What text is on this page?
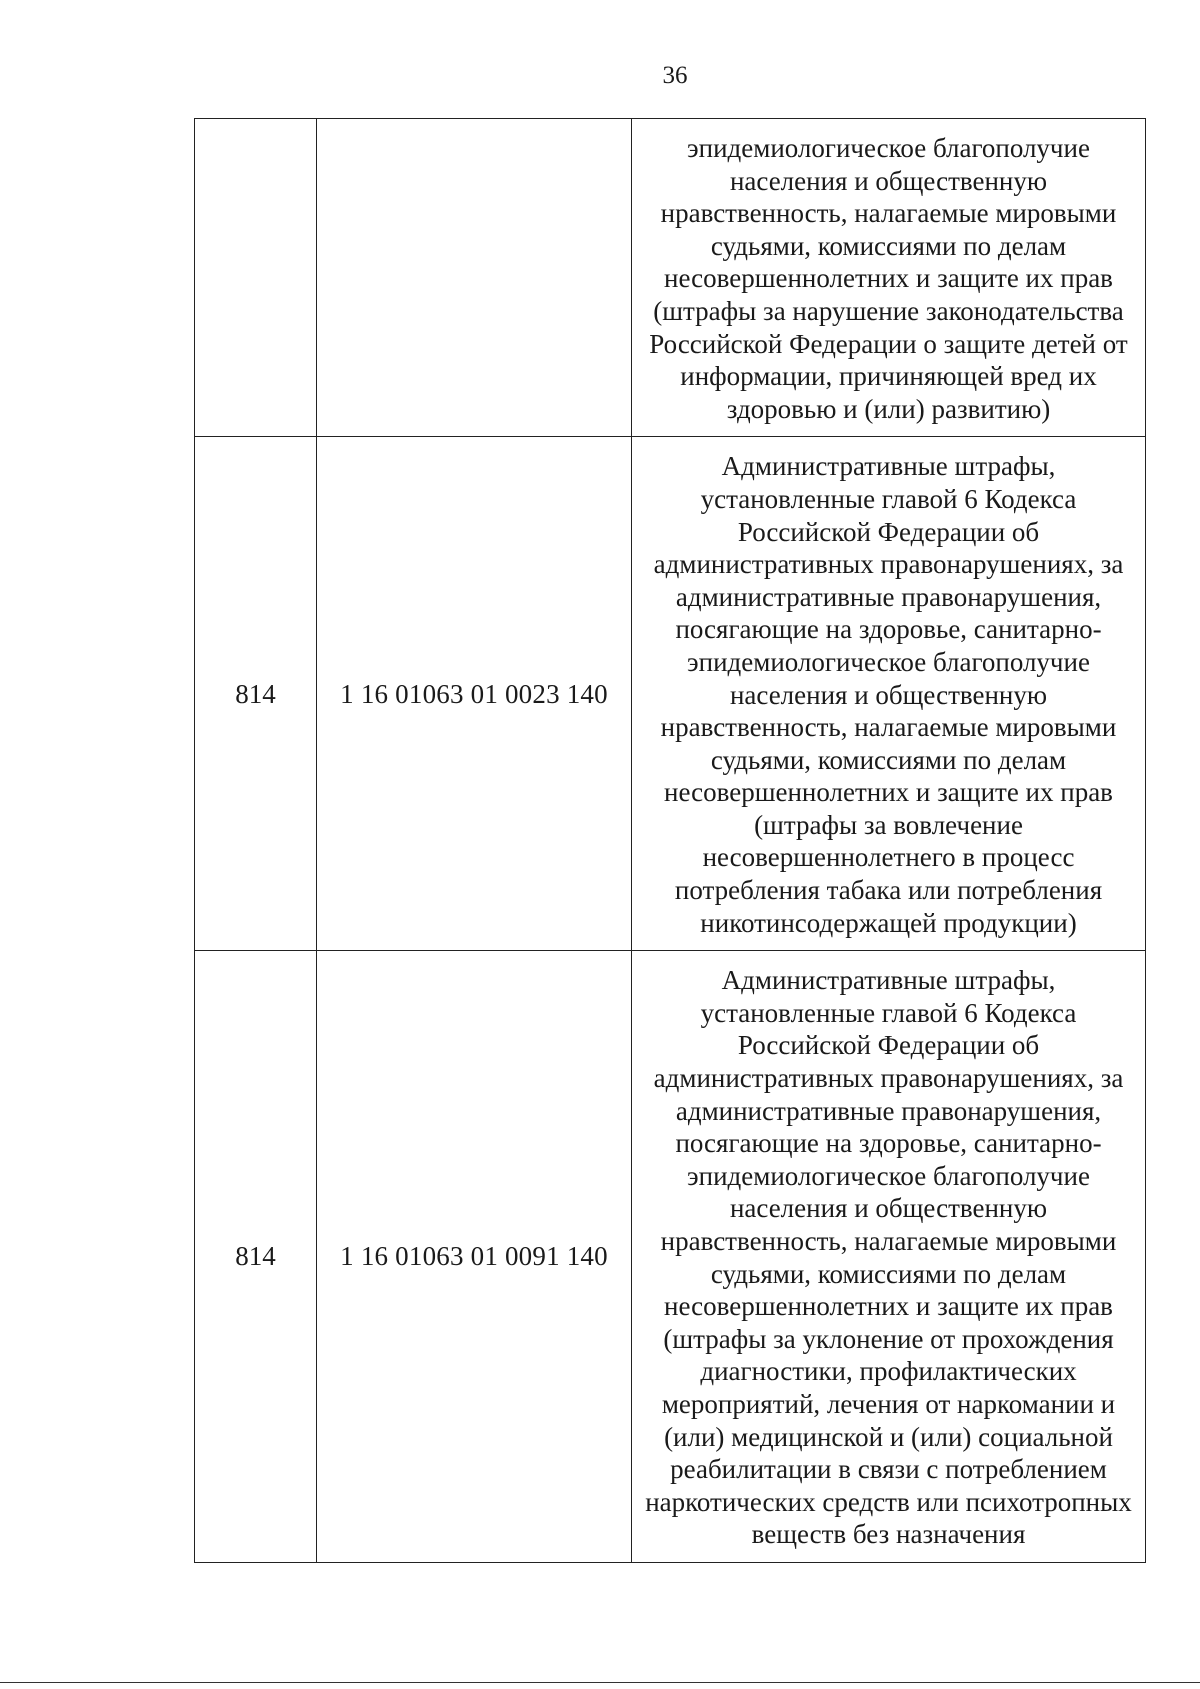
36
		эпидемиологическое благополучие населения и общественную нравственность, налагаемые мировыми судьями, комиссиями по делам несовершеннолетних и защите их прав (штрафы за нарушение законодательства Российской Федерации о защите детей от информации, причиняющей вред их здоровью и (или) развитию)
814	1 16 01063 01 0023 140	Административные штрафы, установленные главой 6 Кодекса Российской Федерации об административных правонарушениях, за административные правонарушения, посягающие на здоровье, санитарно-эпидемиологическое благополучие населения и общественную нравственность, налагаемые мировыми судьями, комиссиями по делам несовершеннолетних и защите их прав (штрафы за вовлечение несовершеннолетнего в процесс потребления табака или потребления никотинсодержащей продукции)
814	1 16 01063 01 0091 140	Административные штрафы, установленные главой 6 Кодекса Российской Федерации об административных правонарушениях, за административные правонарушения, посягающие на здоровье, санитарно-эпидемиологическое благополучие населения и общественную нравственность, налагаемые мировыми судьями, комиссиями по делам несовершеннолетних и защите их прав (штрафы за уклонение от прохождения диагностики, профилактических мероприятий, лечения от наркомании и (или) медицинской и (или) социальной реабилитации в связи с потреблением наркотических средств или психотропных веществ без назначения
